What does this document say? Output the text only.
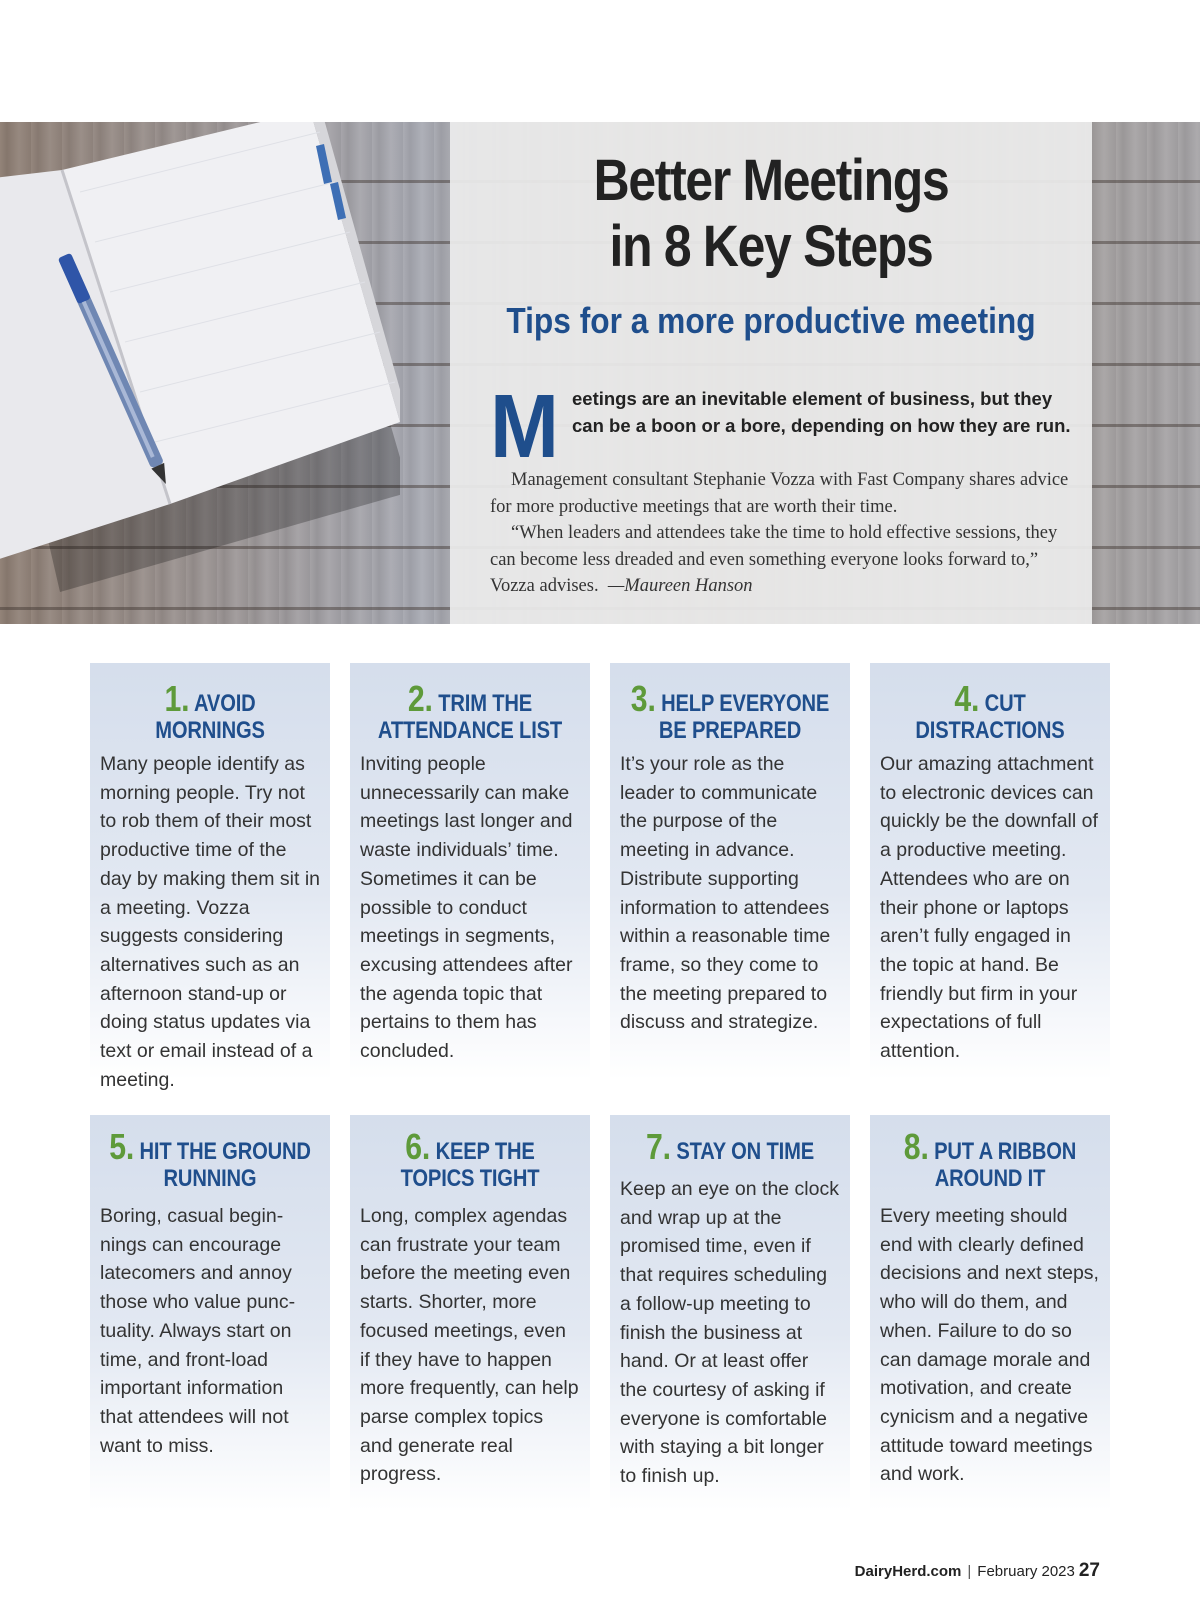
Better Meetings
in 8 Key Steps
Tips for a more productive meeting
M eetings are an inevitable element of business, but they can be a boon or a bore, depending on how they are run.

Management consultant Stephanie Vozza with Fast Company shares advice for more productive meetings that are worth their time.

“When leaders and attendees take the time to hold effective sessions, they can become less dreaded and even something everyone looks forward to,” Vozza advises. —Maureen Hanson

1. AVOID MORNINGS

Many people identify as morning people. Try not to rob them of their most productive time of the day by making them sit in a meeting. Vozza suggests considering alternatives such as an afternoon stand-up or doing status updates via text or email instead of a meeting.

2. TRIM THE ATTENDANCE LIST

Inviting people unnecessarily can make meetings last longer and waste individuals’ time. Sometimes it can be possible to conduct meetings in segments, excusing attendees after the agenda topic that pertains to them has concluded.

3. HELP EVERYONE BE PREPARED

It’s your role as the leader to communicate the purpose of the meeting in advance. Distribute supporting information to attendees within a reasonable time frame, so they come to the meeting prepared to discuss and strategize.

4. CUT DISTRACTIONS

Our amazing attachment to electronic devices can quickly be the downfall of a productive meeting. Attendees who are on their phone or laptops aren’t fully engaged in the topic at hand. Be friendly but firm in your expectations of full attention.

5. HIT THE GROUND RUNNING

Boring, casual beginnings can encourage latecomers and annoy those who value punctuality. Always start on time, and front-load important information that attendees will not want to miss.

6. KEEP THE TOPICS TIGHT

Long, complex agendas can frustrate your team before the meeting even starts. Shorter, more focused meetings, even if they have to happen more frequently, can help parse complex topics and generate real progress.

7. STAY ON TIME

Keep an eye on the clock and wrap up at the promised time, even if that requires scheduling a follow-up meeting to finish the business at hand. Or at least offer the courtesy of asking if everyone is comfortable with staying a bit longer to finish up.

8. PUT A RIBBON AROUND IT

Every meeting should end with clearly defined decisions and next steps, who will do them, and when. Failure to do so can damage morale and motivation, and create cynicism and a negative attitude toward meetings and work.

DairyHerd.com | February 2023 27
